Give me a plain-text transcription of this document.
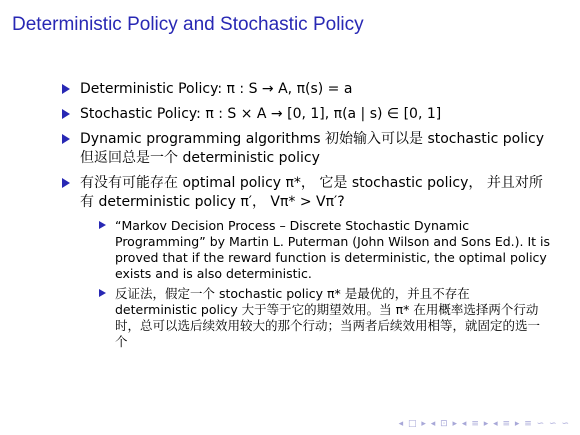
Deterministic Policy and Stochastic Policy
Deterministic Policy: π : S → A, π(s) = a
Stochastic Policy: π : S × A → [0, 1], π(a | s) ∈ [0, 1]
Dynamic programming algorithms 初始输入可以是 stochastic policy 但返回总是一个 deterministic policy
有没有可能存在 optimal policy π*， 它是 stochastic policy， 并且对所有 deterministic policy π′， Vπ* > Vπ′?
“Markov Decision Process – Discrete Stochastic Dynamic Programming” by Martin L. Puterman (John Wilson and Sons Ed.). It is proved that if the reward function is deterministic, the optimal policy exists and is also deterministic.
反证法，假定一个 stochastic policy π* 是最优的，并且不存在 deterministic policy 大于等于它的期望效用。当 π* 在用概率选择两个行动时，总可以选后续效用较大的那个行动；当两者后续效用相等，就固定的选一个
◂ □ ▸ ◂ ⊡ ▸ ◂ ≡ ▸ ◂ ≡ ▸ ≡ ∽ ∽ ∽
